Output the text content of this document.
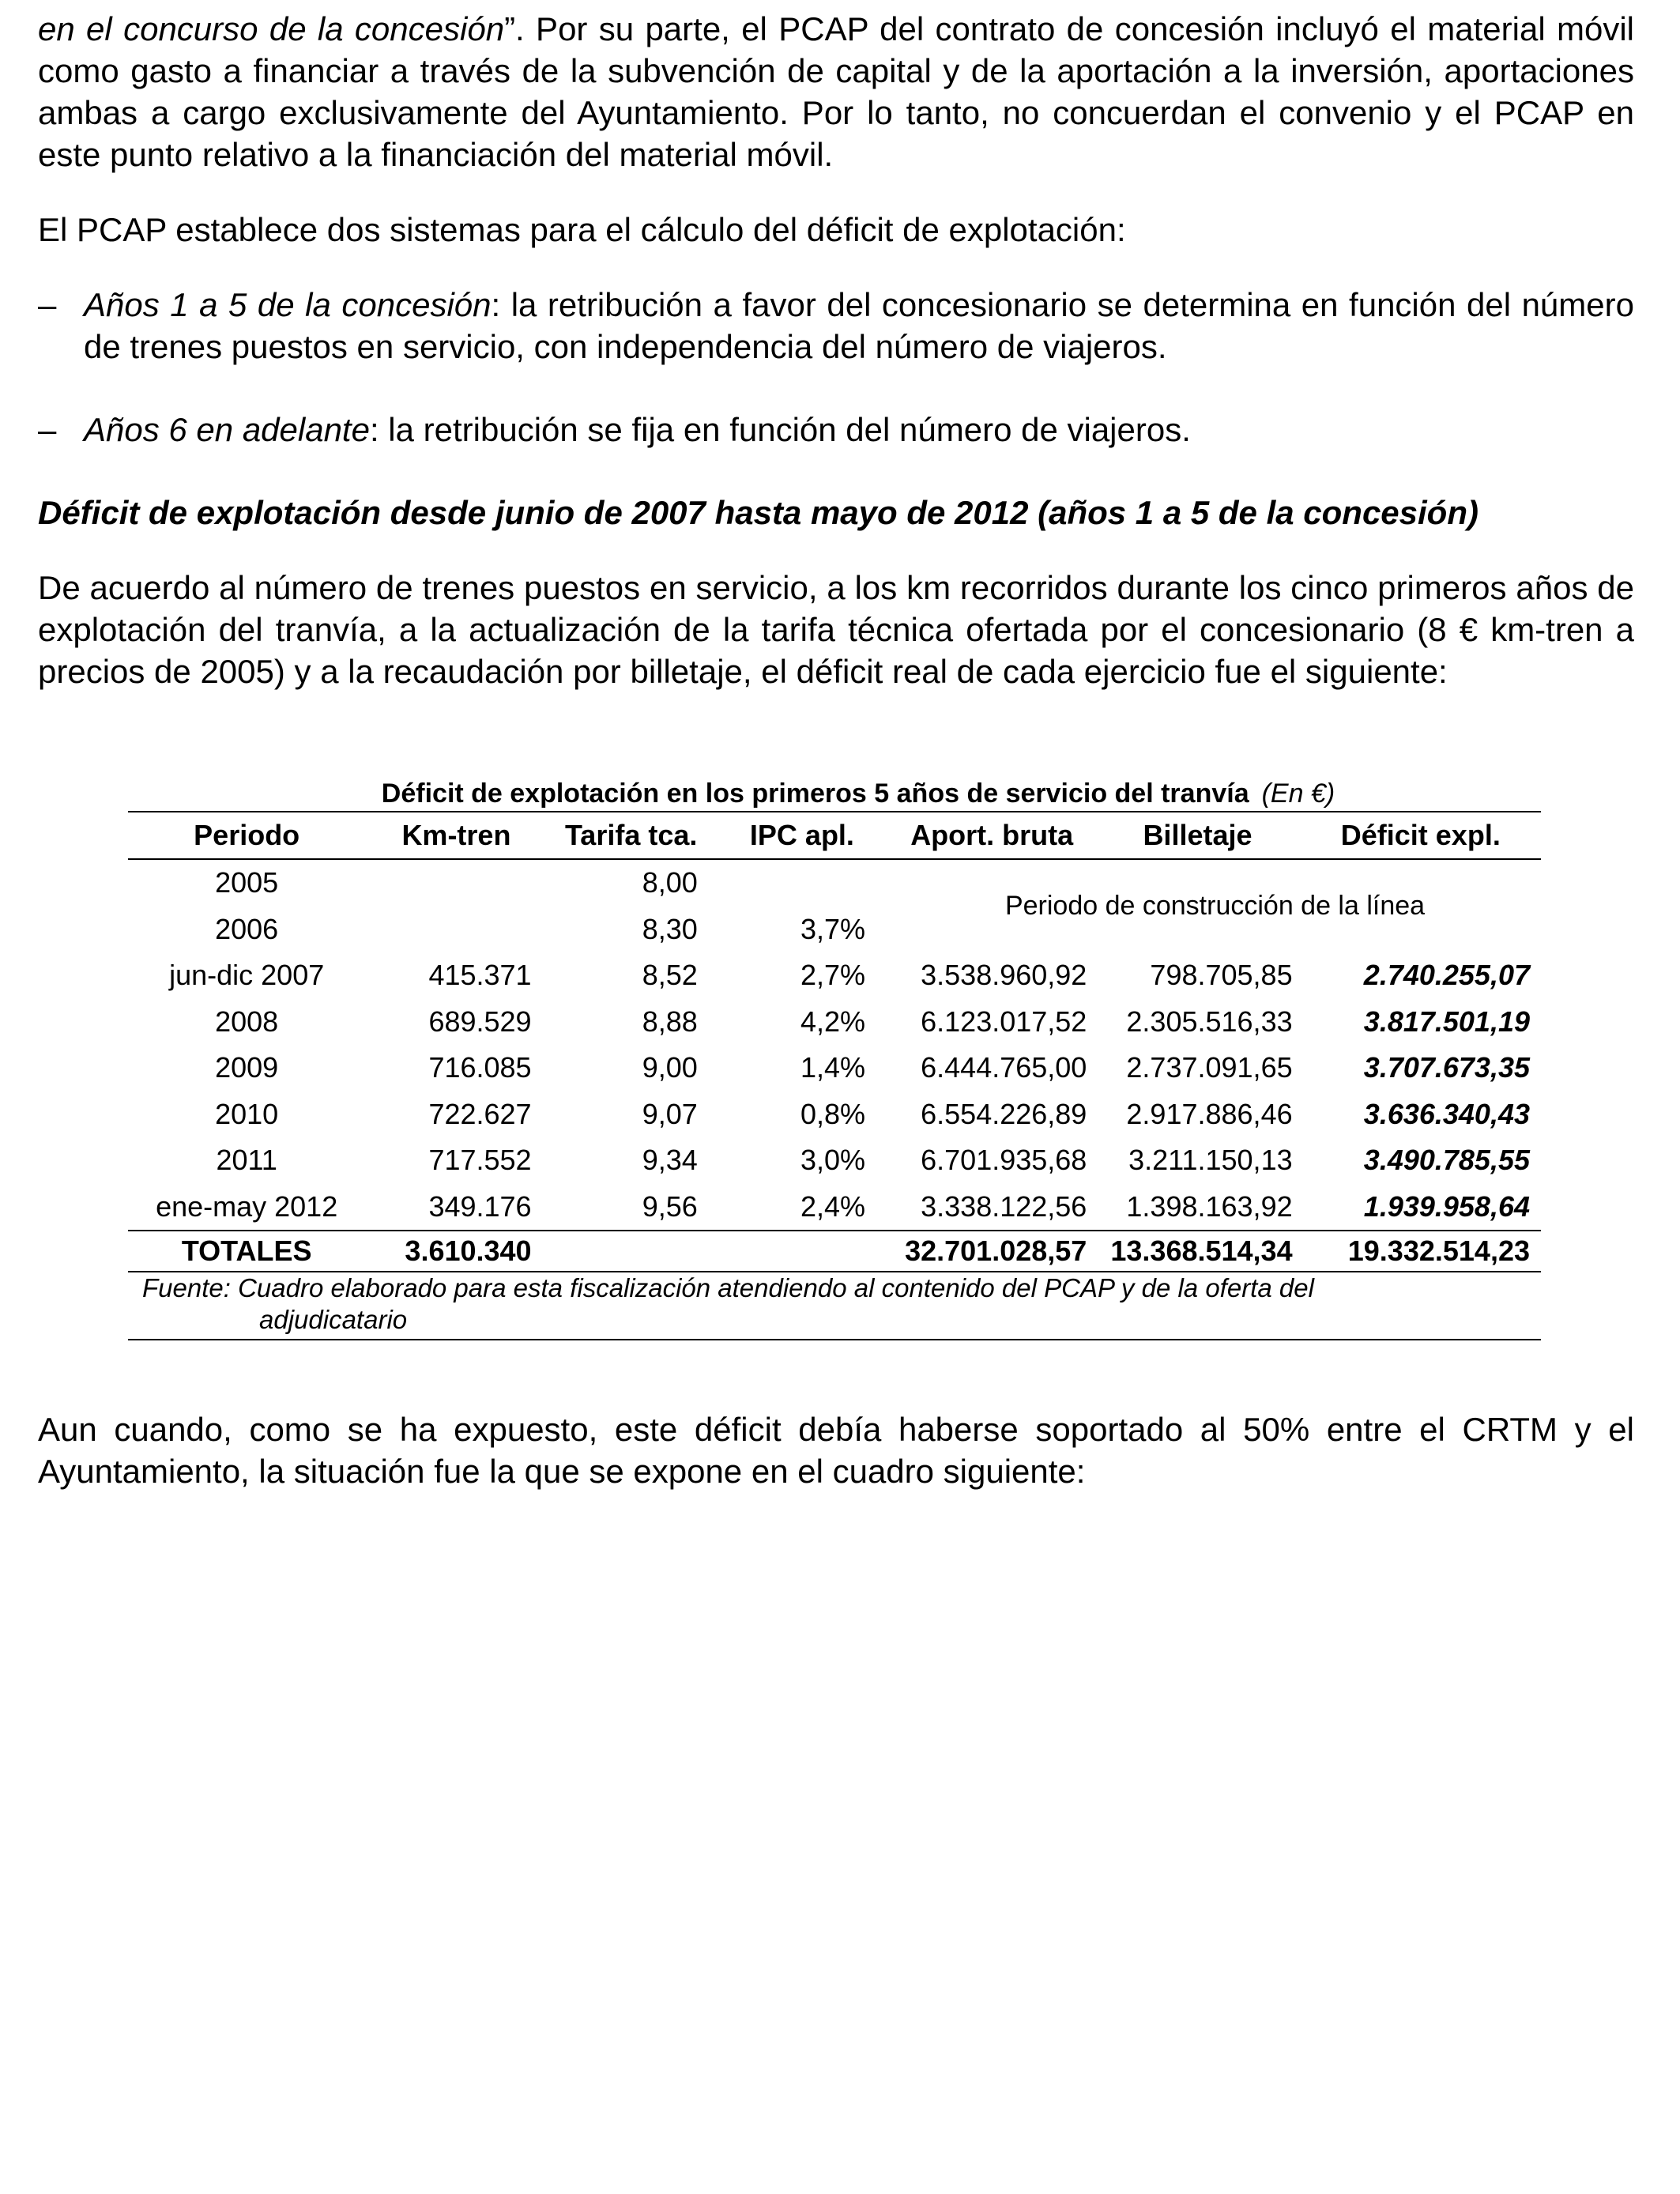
en el concurso de la concesión”. Por su parte, el PCAP del contrato de concesión incluyó el material móvil como gasto a financiar a través de la subvención de capital y de la aportación a la inversión, aportaciones ambas a cargo exclusivamente del Ayuntamiento. Por lo tanto, no concuerdan el convenio y el PCAP en este punto relativo a la financiación del material móvil.

El PCAP establece dos sistemas para el cálculo del déficit de explotación:

– Años 1 a 5 de la concesión: la retribución a favor del concesionario se determina en función del número de trenes puestos en servicio, con independencia del número de viajeros.
– Años 6 en adelante: la retribución se fija en función del número de viajeros.
Déficit de explotación desde junio de 2007 hasta mayo de 2012 (años 1 a 5 de la concesión)

De acuerdo al número de trenes puestos en servicio, a los km recorridos durante los cinco primeros años de explotación del tranvía, a la actualización de la tarifa técnica ofertada por el concesionario (8 € km-tren a precios de 2005) y a la recaudación por billetaje, el déficit real de cada ejercicio fue el siguiente:

Déficit de explotación en los primeros 5 años de servicio del tranvía (En €)
Periodo	Km-tren	Tarifa tca.	IPC apl.	Aport. bruta	Billetaje	Déficit expl.
2005		8,00		Periodo de construcción de la línea		
2006		8,30	3,7%			
jun-dic 2007	415.371	8,52	2,7%	3.538.960,92	798.705,85	2.740.255,07
2008	689.529	8,88	4,2%	6.123.017,52	2.305.516,33	3.817.501,19
2009	716.085	9,00	1,4%	6.444.765,00	2.737.091,65	3.707.673,35
2010	722.627	9,07	0,8%	6.554.226,89	2.917.886,46	3.636.340,43
2011	717.552	9,34	3,0%	6.701.935,68	3.211.150,13	3.490.785,55
ene-may 2012	349.176	9,56	2,4%	3.338.122,56	1.398.163,92	1.939.958,64
TOTALES	3.610.340			32.701.028,57	13.368.514,34	19.332.514,23
Fuente: Cuadro elaborado para esta fiscalización atendiendo al contenido del PCAP y de la oferta del
adjudicatario

Aun cuando, como se ha expuesto, este déficit debía haberse soportado al 50% entre el CRTM y el Ayuntamiento, la situación fue la que se expone en el cuadro siguiente:
